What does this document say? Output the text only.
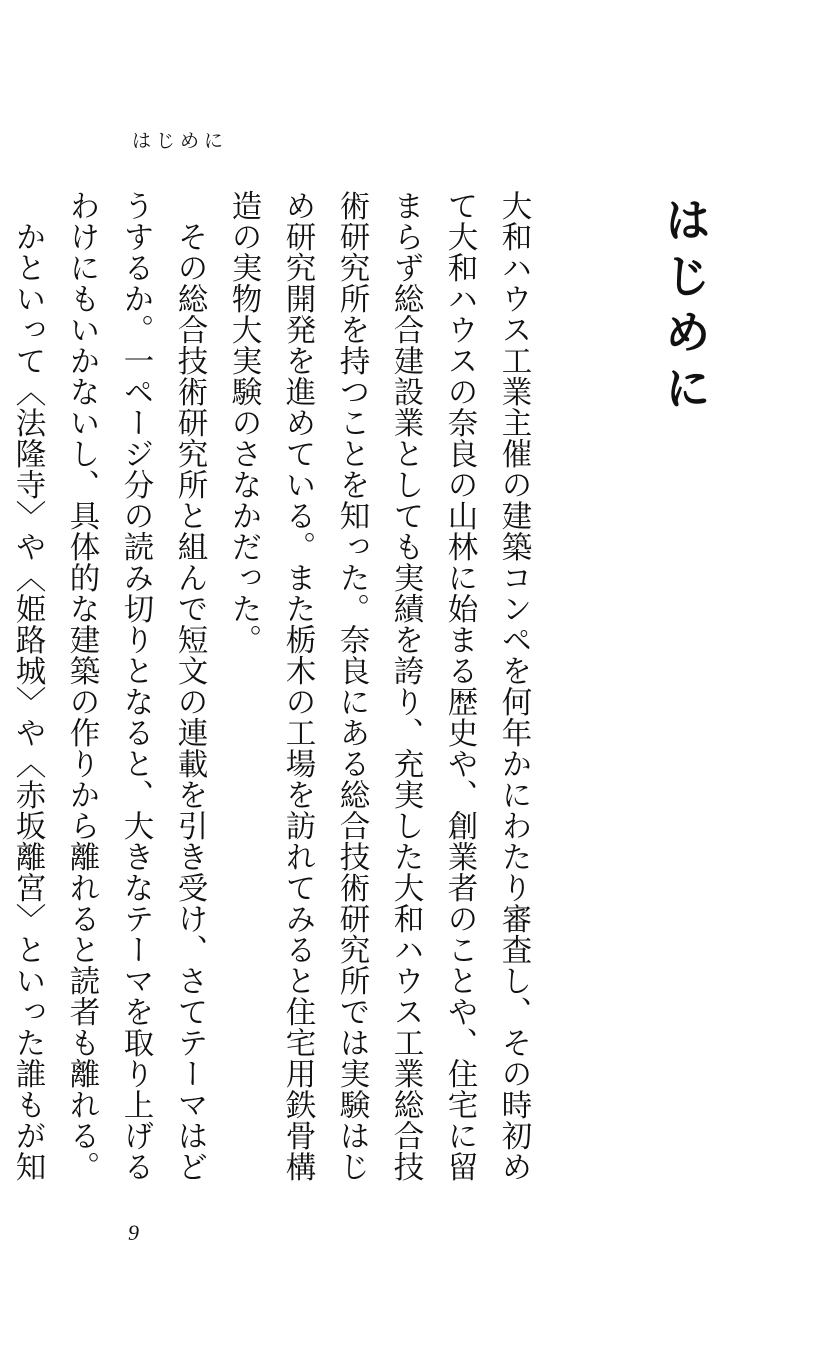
はじめに
はじめに

大和ハウス工業主催の建築コンペを何年かにわたり審査し、その時初めて大和ハウスの奈良の山林に始まる歴史や、創業者のことや、住宅に留まらず総合建設業としても実績を誇り、充実した大和ハウス工業総合技術研究所を持つことを知った。奈良にある総合技術研究所では実験はじめ研究開発を進めている。また栃木の工場を訪れてみると住宅用鉄骨構造の実物大実験のさなかだった。

　その総合技術研究所と組んで短文の連載を引き受け、さてテーマはどうするか。一ページ分の読み切りとなると、大きなテーマを取り上げるわけにもいかないし、具体的な建築の作りから離れると読者も離れる。

　かといって〈法隆寺〉や〈姫路城〉や〈赤坂離宮〉といった誰もが知

9
